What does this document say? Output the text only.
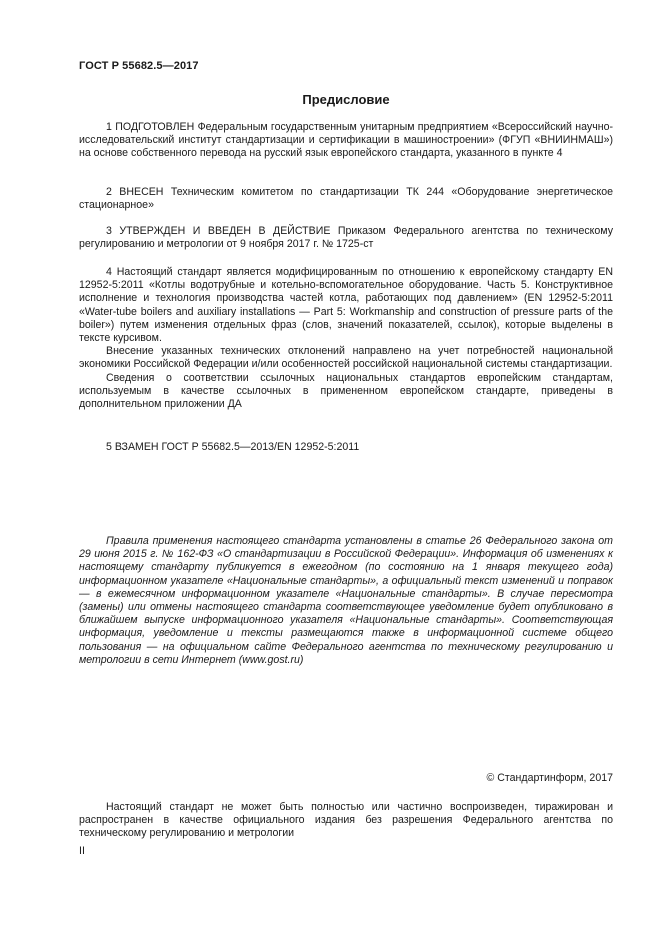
ГОСТ Р 55682.5—2017
Предисловие

1 ПОДГОТОВЛЕН Федеральным государственным унитарным предприятием «Всероссийский научно-исследовательский институт стандартизации и сертификации в машиностроении» (ФГУП «ВНИИНМАШ») на основе собственного перевода на русский язык европейского стандарта, указанного в пункте 4

2 ВНЕСЕН Техническим комитетом по стандартизации ТК 244 «Оборудование энергетическое стационарное»

3 УТВЕРЖДЕН И ВВЕДЕН В ДЕЙСТВИЕ Приказом Федерального агентства по техническому регулированию и метрологии от 9 ноября 2017 г. № 1725-ст

4 Настоящий стандарт является модифицированным по отношению к европейскому стандарту EN 12952-5:2011 «Котлы водотрубные и котельно-вспомогательное оборудование. Часть 5. Конструктивное исполнение и технология производства частей котла, работающих под давлением» (EN 12952-5:2011 «Water-tube boilers and auxiliary installations — Part 5: Workmanship and construction of pressure parts of the boiler») путем изменения отдельных фраз (слов, значений показателей, ссылок), которые выделены в тексте курсивом.

Внесение указанных технических отклонений направлено на учет потребностей национальной экономики Российской Федерации и/или особенностей российской национальной системы стандартизации.

Сведения о соответствии ссылочных национальных стандартов европейским стандартам, используемым в качестве ссылочных в примененном европейском стандарте, приведены в дополнительном приложении ДА

5 ВЗАМЕН ГОСТ Р 55682.5—2013/EN 12952-5:2011

Правила применения настоящего стандарта установлены в статье 26 Федерального закона от 29 июня 2015 г. № 162-ФЗ «О стандартизации в Российской Федерации». Информация об изменениях к настоящему стандарту публикуется в ежегодном (по состоянию на 1 января текущего года) информационном указателе «Национальные стандарты», а официальный текст изменений и поправок — в ежемесячном информационном указателе «Национальные стандарты». В случае пересмотра (замены) или отмены настоящего стандарта соответствующее уведомление будет опубликовано в ближайшем выпуске информационного указателя «Национальные стандарты». Соответствующая информация, уведомление и тексты размещаются также в информационной системе общего пользования — на официальном сайте Федерального агентства по техническому регулированию и метрологии в сети Интернет (www.gost.ru)

© Стандартинформ, 2017

Настоящий стандарт не может быть полностью или частично воспроизведен, тиражирован и распространен в качестве официального издания без разрешения Федерального агентства по техническому регулированию и метрологии

II
